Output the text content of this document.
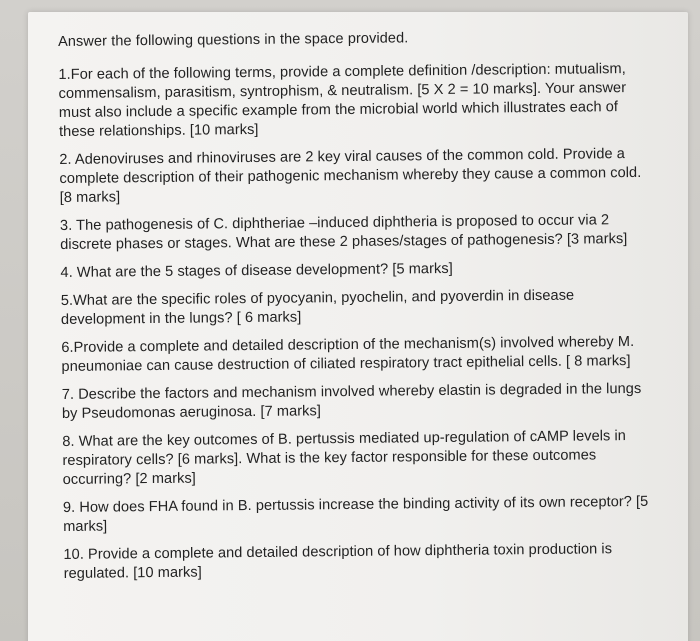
Answer the following questions in the space provided.

1.For each of the following terms, provide a complete definition /description: mutualism, commensalism, parasitism, syntrophism, & neutralism. [5 X 2 = 10 marks]. Your answer must also include a specific example from the microbial world which illustrates each of these relationships. [10 marks]

2. Adenoviruses and rhinoviruses are 2 key viral causes of the common cold. Provide a complete description of their pathogenic mechanism whereby they cause a common cold. [8 marks]

3. The pathogenesis of C. diphtheriae –induced diphtheria is proposed to occur via 2 discrete phases or stages. What are these 2 phases/stages of pathogenesis? [3 marks]

4. What are the 5 stages of disease development? [5 marks]

5.What are the specific roles of pyocyanin, pyochelin, and pyoverdin in disease development in the lungs? [ 6 marks]

6.Provide a complete and detailed description of the mechanism(s) involved whereby M. pneumoniae can cause destruction of ciliated respiratory tract epithelial cells. [ 8 marks]

7. Describe the factors and mechanism involved whereby elastin is degraded in the lungs by Pseudomonas aeruginosa. [7 marks]

8. What are the key outcomes of B. pertussis mediated up-regulation of cAMP levels in respiratory cells? [6 marks]. What is the key factor responsible for these outcomes occurring? [2 marks]

9. How does FHA found in B. pertussis increase the binding activity of its own receptor? [5 marks]

10. Provide a complete and detailed description of how diphtheria toxin production is regulated. [10 marks]
